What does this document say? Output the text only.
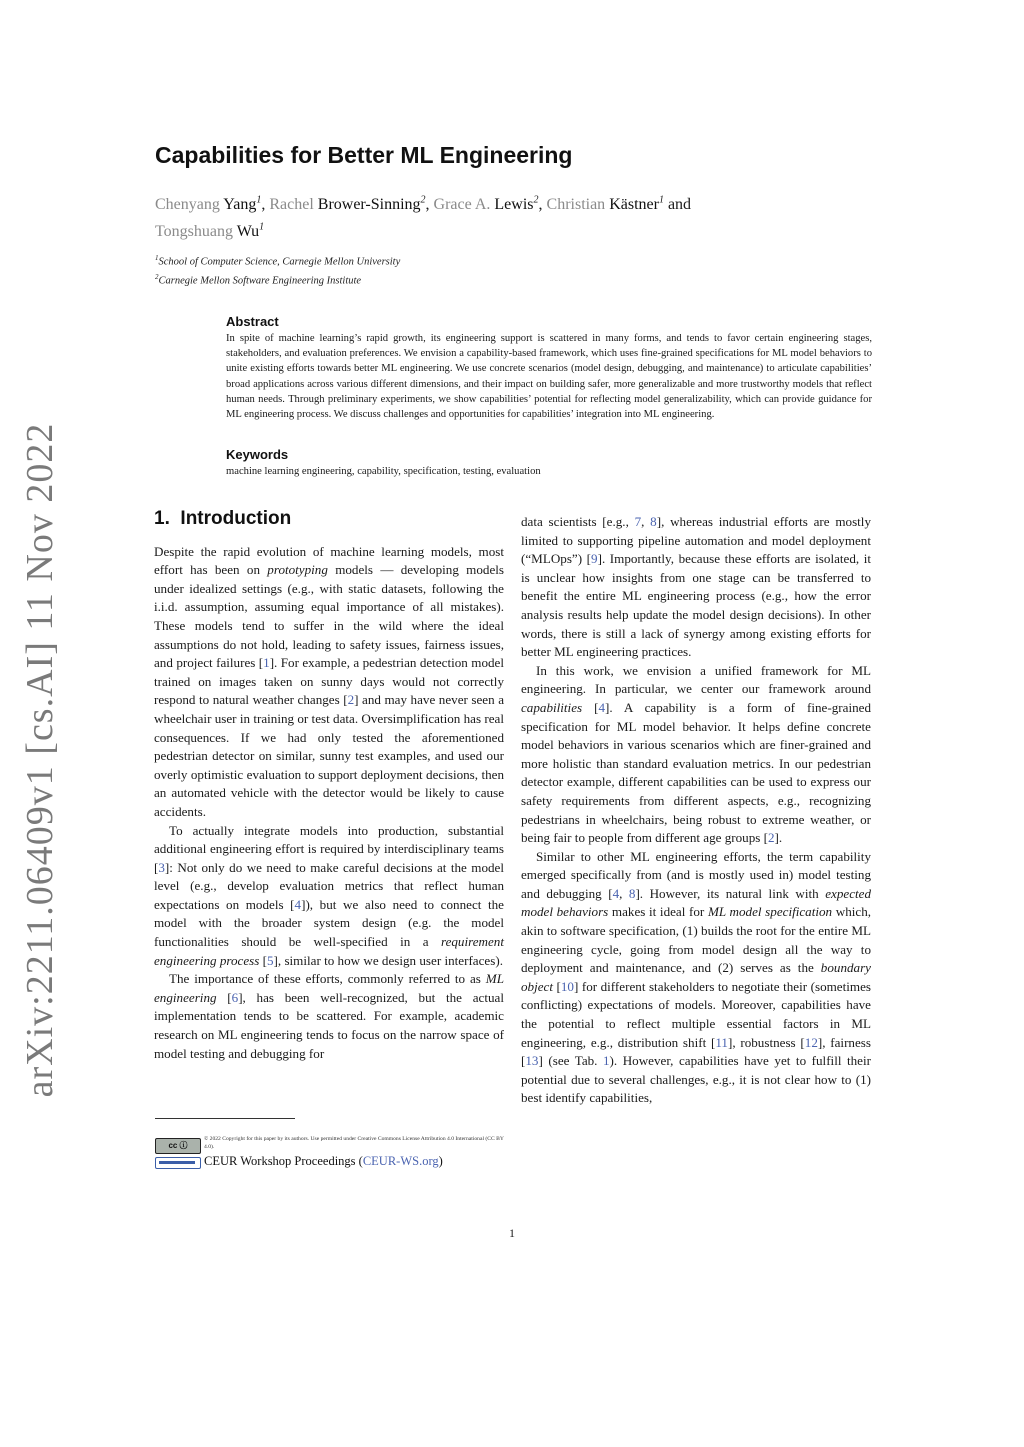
arXiv:2211.06409v1 [cs.AI] 11 Nov 2022
Capabilities for Better ML Engineering
Chenyang Yang$^1$, Rachel Brower-Sinning$^2$, Grace A. Lewis$^2$, Christian Kästner$^1$ and
Tongshuang Wu$^1$
$^1$School of Computer Science, Carnegie Mellon University
$^2$Carnegie Mellon Software Engineering Institute
Abstract

In spite of machine learning’s rapid growth, its engineering support is scattered in many forms, and tends to favor certain engineering stages, stakeholders, and evaluation preferences. We envision a capability-based framework, which uses fine-grained specifications for ML model behaviors to unite existing efforts towards better ML engineering. We use concrete scenarios (model design, debugging, and maintenance) to articulate capabilities’ broad applications across various different dimensions, and their impact on building safer, more generalizable and more trustworthy models that reflect human needs. Through preliminary experiments, we show capabilities’ potential for reflecting model generalizability, which can provide guidance for ML engineering process. We discuss challenges and opportunities for capabilities’ integration into ML engineering.

Keywords

machine learning engineering, capability, specification, testing, evaluation

1. Introduction

Despite the rapid evolution of machine learning models, most effort has been on prototyping models — developing models under idealized settings (e.g., with static datasets, following the i.i.d. assumption, assuming equal importance of all mistakes). These models tend to suffer in the wild where the ideal assumptions do not hold, leading to safety issues, fairness issues, and project failures [1]. For example, a pedestrian detection model trained on images taken on sunny days would not correctly respond to natural weather changes [2] and may have never seen a wheelchair user in training or test data. Oversimplification has real consequences. If we had only tested the aforementioned pedestrian detector on similar, sunny test examples, and used our overly optimistic evaluation to support deployment decisions, then an automated vehicle with the detector would be likely to cause accidents.

To actually integrate models into production, substantial additional engineering effort is required by interdisciplinary teams [3]: Not only do we need to make careful decisions at the model level (e.g., develop evaluation metrics that reflect human expectations on models [4]), but we also need to connect the model with the broader system design (e.g. the model functionalities should be well-specified in a requirement engineering process [5], similar to how we design user interfaces).

The importance of these efforts, commonly referred to as ML engineering [6], has been well-recognized, but the actual implementation tends to be scattered. For example, academic research on ML engineering tends to focus on the narrow space of model testing and debugging for

data scientists [e.g., 7, 8], whereas industrial efforts are mostly limited to supporting pipeline automation and model deployment (“MLOps”) [9]. Importantly, because these efforts are isolated, it is unclear how insights from one stage can be transferred to benefit the entire ML engineering process (e.g., how the error analysis results help update the model design decisions). In other words, there is still a lack of synergy among existing efforts for better ML engineering practices.

In this work, we envision a unified framework for ML engineering. In particular, we center our framework around capabilities [4]. A capability is a form of fine-grained specification for ML model behavior. It helps define concrete model behaviors in various scenarios which are finer-grained and more holistic than standard evaluation metrics. In our pedestrian detector example, different capabilities can be used to express our safety requirements from different aspects, e.g., recognizing pedestrians in wheelchairs, being robust to extreme weather, or being fair to people from different age groups [2].

Similar to other ML engineering efforts, the term capability emerged specifically from (and is mostly used in) model testing and debugging [4, 8]. However, its natural link with expected model behaviors makes it ideal for ML model specification which, akin to software specification, (1) builds the root for the entire ML engineering cycle, going from model design all the way to deployment and maintenance, and (2) serves as the boundary object [10] for different stakeholders to negotiate their (sometimes conflicting) expectations of models. Moreover, capabilities have the potential to reflect multiple essential factors in ML engineering, e.g., distribution shift [11], robustness [12], fairness [13] (see Tab. 1). However, capabilities have yet to fulfill their potential due to several challenges, e.g., it is not clear how to (1) best identify capabilities,

cc ⓘ
© 2022 Copyright for this paper by its authors. Use permitted under Creative Commons License Attribution 4.0 International (CC BY 4.0).
CEUR Workshop Proceedings (CEUR-WS.org)
1
